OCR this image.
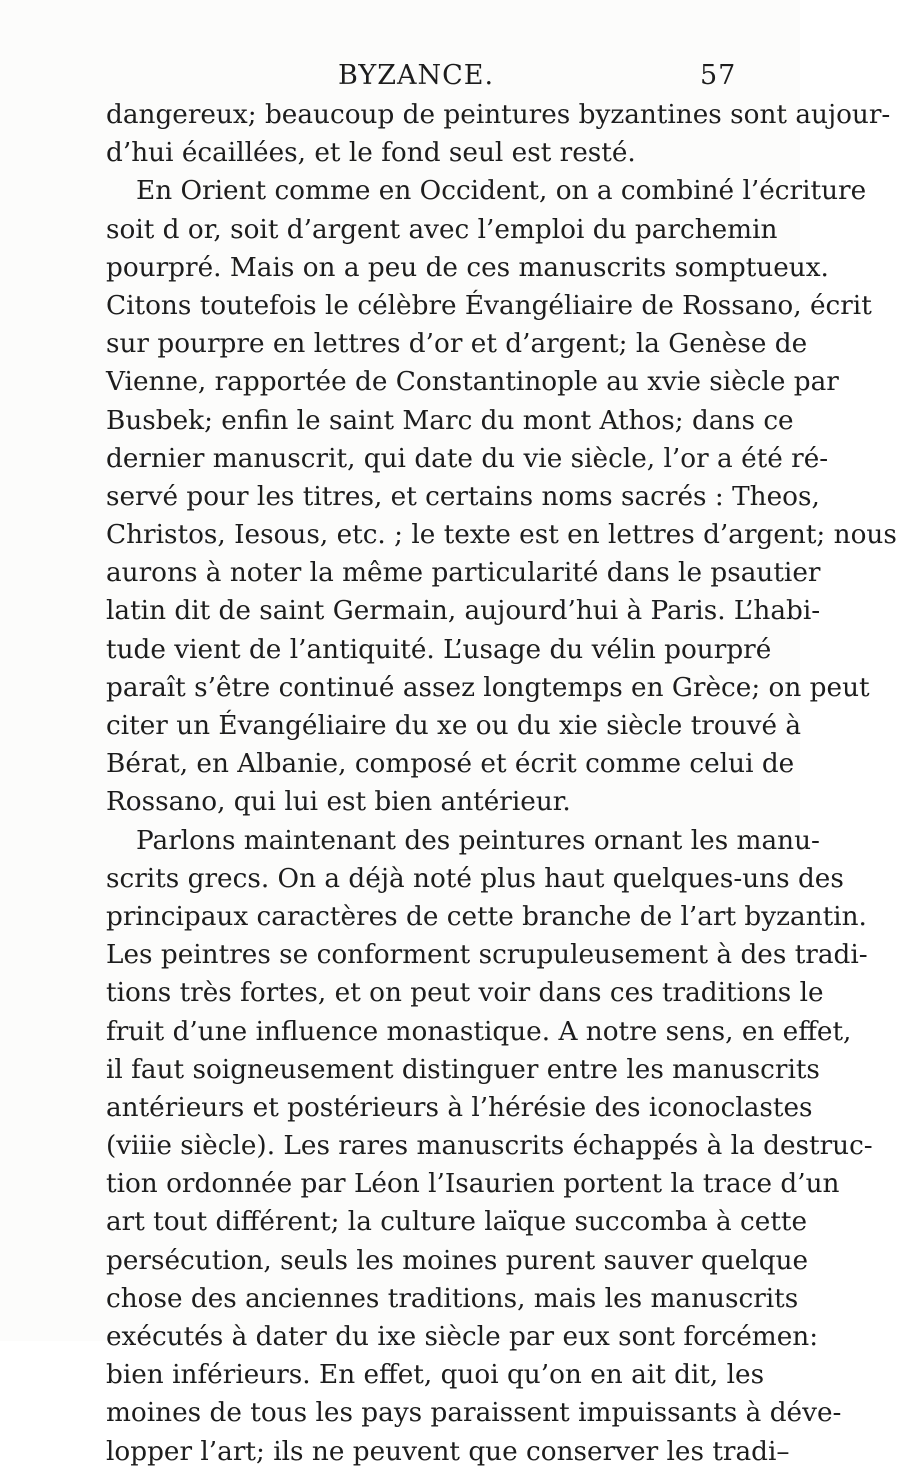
BYZANCE.	57
dangereux; beaucoup de peintures byzantines sont aujour-
d’hui écaillées, et le fond seul est resté.
En Orient comme en Occident, on a combiné l’écriture
soit d or, soit d’argent avec l’emploi du parchemin
pourpré. Mais on a peu de ces manuscrits somptueux.
Citons toutefois le célèbre Évangéliaire de Rossano, écrit
sur pourpre en lettres d’or et d’argent; la Genèse de
Vienne, rapportée de Constantinople au xvie siècle par
Busbek; enfin le saint Marc du mont Athos; dans ce
dernier manuscrit, qui date du vie siècle, l’or a été ré-
servé pour les titres, et certains noms sacrés : Theos,
Christos, Iesous, etc. ; le texte est en lettres d’argent; nous
aurons à noter la même particularité dans le psautier
latin dit de saint Germain, aujourd’hui à Paris. L’habi-
tude vient de l’antiquité. L’usage du vélin pourpré
paraît s’être continué assez longtemps en Grèce; on peut
citer un Évangéliaire du xe ou du xie siècle trouvé à
Bérat, en Albanie, composé et écrit comme celui de
Rossano, qui lui est bien antérieur.
Parlons maintenant des peintures ornant les manu-
scrits grecs. On a déjà noté plus haut quelques-uns des
principaux caractères de cette branche de l’art byzantin.
Les peintres se conforment scrupuleusement à des tradi-
tions très fortes, et on peut voir dans ces traditions le
fruit d’une influence monastique. A notre sens, en effet,
il faut soigneusement distinguer entre les manuscrits
antérieurs et postérieurs à l’hérésie des iconoclastes
(viiie siècle). Les rares manuscrits échappés à la destruc-
tion ordonnée par Léon l’Isaurien portent la trace d’un
art tout différent; la culture laïque succomba à cette
persécution, seuls les moines purent sauver quelque
chose des anciennes traditions, mais les manuscrits
exécutés à dater du ixe siècle par eux sont forcémen:
bien inférieurs. En effet, quoi qu’on en ait dit, les
moines de tous les pays paraissent impuissants à déve-
lopper l’art; ils ne peuvent que conserver les tradi–
